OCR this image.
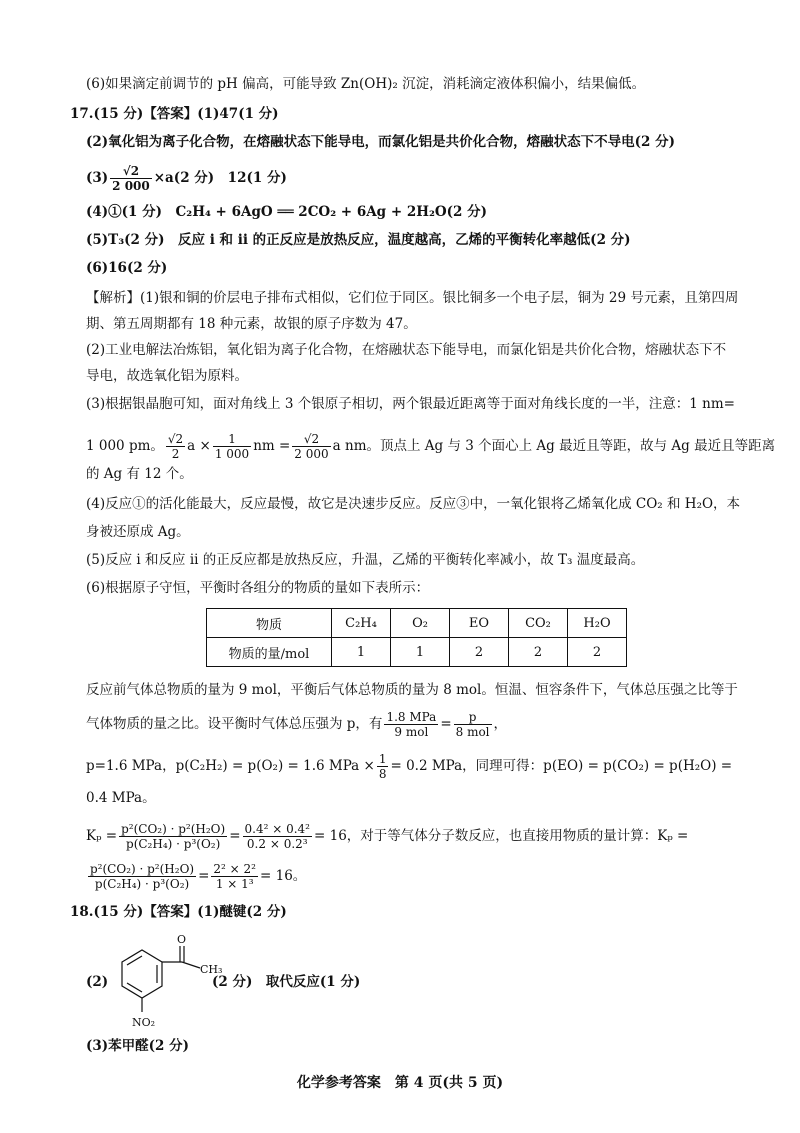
(6)如果滴定前调节的 pH 偏高，可能导致 Zn(OH)₂ 沉淀，消耗滴定液体积偏小，结果偏低。
17.(15 分)【答案】(1)47(1 分)
(2)氧化铝为离子化合物，在熔融状态下能导电，而氯化铝是共价化合物，熔融状态下不导电(2 分)
$(3) \frac{√2}{2 000} \times a(2$ 分)　12(1 分)
(4)①(1 分)　C₂H₄ + 6AgO ══ 2CO₂ + 6Ag + 2H₂O(2 分)
(5)T₃(2 分)　反应 i 和 ii 的正反应是放热反应，温度越高，乙烯的平衡转化率越低(2 分)
(6)16(2 分)
【解析】(1)银和铜的价层电子排布式相似，它们位于同区。银比铜多一个电子层，铜为 29 号元素，且第四周
期、第五周期都有 18 种元素，故银的原子序数为 47。
(2)工业电解法冶炼铝，氧化铝为离子化合物，在熔融状态下能导电，而氯化铝是共价化合物，熔融状态下不
导电，故选氧化铝为原料。
(3)根据银晶胞可知，面对角线上 3 个银原子相切，两个银最近距离等于面对角线长度的一半，注意：1 nm=
1 000 pm。 $\frac{√2}{2}$ $a \times \frac{1}{1 000}$ nm = $\frac{√2}{2 000}$ a nm。顶点上 Ag 与 3 个面心上 Ag 最近且等距，故与 Ag 最近且等距离
的 Ag 有 12 个。
(4)反应①的活化能最大，反应最慢，故它是决速步反应。反应③中，一氧化银将乙烯氧化成 CO₂ 和 H₂O，本
身被还原成 Ag。
(5)反应 i 和反应 ii 的正反应都是放热反应，升温，乙烯的平衡转化率减小，故 T₃ 温度最高。
(6)根据原子守恒，平衡时各组分的物质的量如下表所示：
物质	C₂H₄	O₂	EO	CO₂	H₂O
物质的量/mol	1	1	2	2	2
反应前气体总物质的量为 9 mol，平衡后气体总物质的量为 8 mol。恒温、恒容条件下，气体总压强之比等于
气体物质的量之比。设平衡时气体总压强为 p，有 $\frac{\text{1.8 MPa}}{\text{9 mol}} = \frac{p}{\text{8 mol}}$ ，
p=1.6 MPa，p(C₂H₂) = p(O₂) = 1.6 MPa × $\frac{1}{8} = 0.2$ MPa，同理可得：p(EO) = p(CO₂) = p(H₂O) =
0.4 MPa。
$K_p = \frac{\text{p²(CO₂) · p²(H₂O)}}{\text{p(C₂H₄) · p³(O₂)}} = \frac{\text{0.4² × 0.4²}}{\text{0.2 × 0.2³}} = 16$，对于等气体分子数反应，也直接用物质的量计算：Kₚ =
$\frac{\text{p²(CO₂) · p²(H₂O)}}{\text{p(C₂H₄) · p³(O₂)}} = \frac{\text{2² × 2²}}{\text{1 × 1³}} = 16$。
18.(15 分)【答案】(1)醚键(2 分)
(2)
O
CH₃
NO₂
(2 分)　取代反应(1 分)
(3)苯甲醛(2 分)
化学参考答案　第 4 页(共 5 页)
